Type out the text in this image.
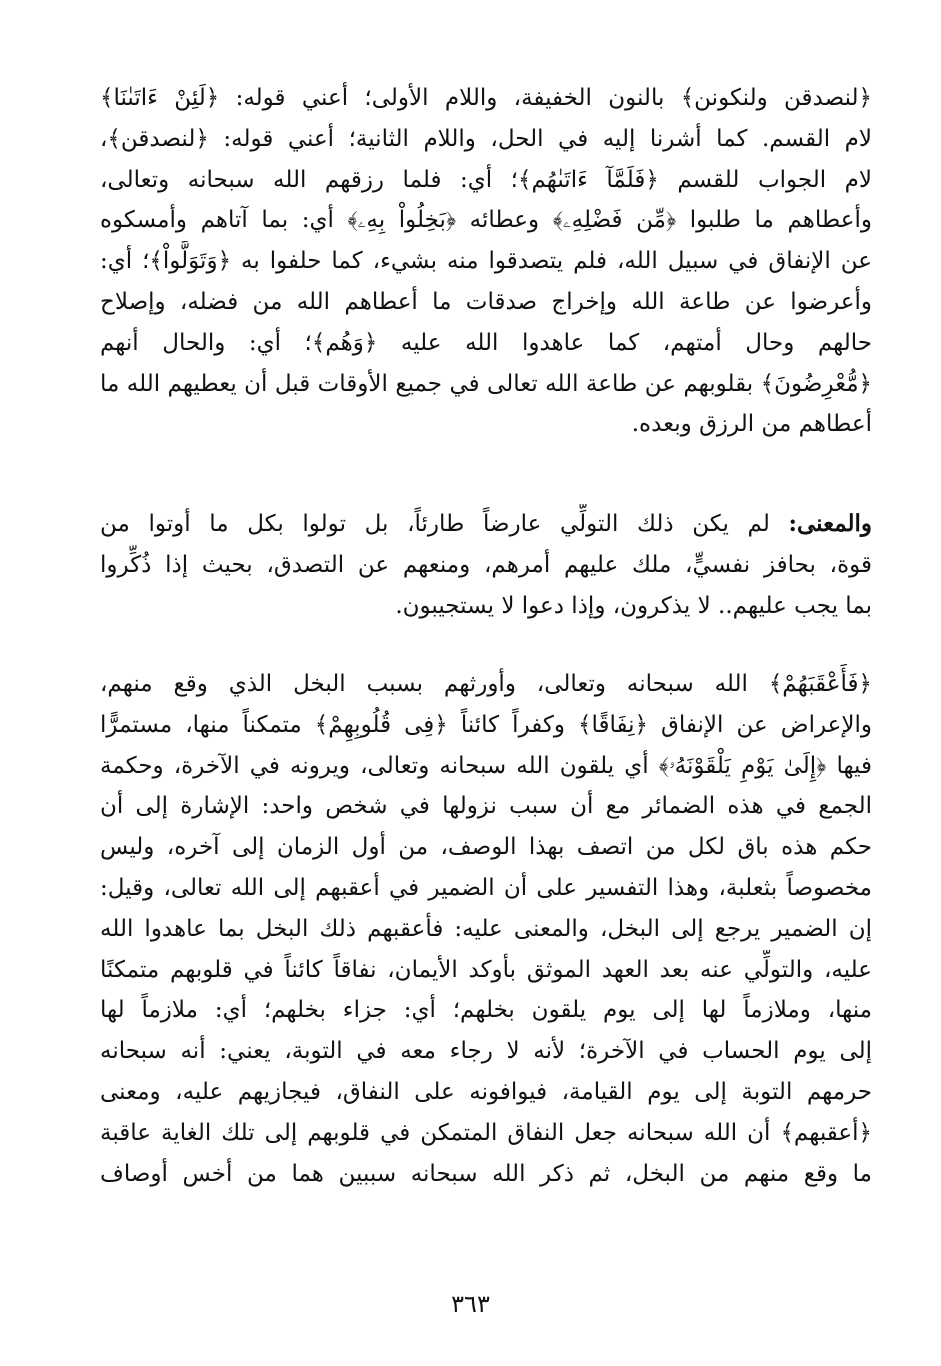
﴿لنصدقن ولنكونن﴾ بالنون الخفيفة، واللام الأولى؛ أعني قوله: ﴿لَئِنْ ءَاتَىٰنَا﴾
لام القسم. كما أشرنا إليه في الحل، واللام الثانية؛ أعني قوله: ﴿لنصدقن﴾،
لام الجواب للقسم ﴿فَلَمَّآ ءَاتَىٰهُم﴾؛ أي: فلما رزقهم الله سبحانه وتعالى،
وأعطاهم ما طلبوا ﴿مِّن فَضْلِهِۦ﴾ وعطائه ﴿بَخِلُواْ بِهِۦ﴾ أي: بما آتاهم وأمسكوه
عن الإنفاق في سبيل الله، فلم يتصدقوا منه بشيء، كما حلفوا به ﴿وَتَوَلَّواْ﴾؛ أي:
وأعرضوا عن طاعة الله وإخراج صدقات ما أعطاهم الله من فضله، وإصلاح
حالهم وحال أمتهم، كما عاهدوا الله عليه ﴿وَهُم﴾؛ أي: والحال أنهم
﴿مُّعْرِضُونَ﴾ بقلوبهم عن طاعة الله تعالى في جميع الأوقات قبل أن يعطيهم الله ما
أعطاهم من الرزق وبعده.
والمعنى: لم يكن ذلك التولِّي عارضاً طارئاً، بل تولوا بكل ما أوتوا من
قوة، بحافز نفسيٍّ، ملك عليهم أمرهم، ومنعهم عن التصدق، بحيث إذا ذُكِّروا
بما يجب عليهم.. لا يذكرون، وإذا دعوا لا يستجيبون.
﴿فَأَعْقَبَهُمْ﴾ الله سبحانه وتعالى، وأورثهم بسبب البخل الذي وقع منهم،
والإعراض عن الإنفاق ﴿نِفَاقًا﴾ وكفراً كائناً ﴿فِى قُلُوبِهِمْ﴾ متمكناً منها، مستمرًّا
فيها ﴿إِلَىٰ يَوْمِ يَلْقَوْنَهُۥ﴾ أي يلقون الله سبحانه وتعالى، ويرونه في الآخرة، وحكمة
الجمع في هذه الضمائر مع أن سبب نزولها في شخص واحد: الإشارة إلى أن
حكم هذه باق لكل من اتصف بهذا الوصف، من أول الزمان إلى آخره، وليس
مخصوصاً بثعلبة، وهذا التفسير على أن الضمير في أعقبهم إلى الله تعالى، وقيل:
إن الضمير يرجع إلى البخل، والمعنى عليه: فأعقبهم ذلك البخل بما عاهدوا الله
عليه، والتولِّي عنه بعد العهد الموثق بأوكد الأيمان، نفاقاً كائناً في قلوبهم متمكنًا
منها، وملازماً لها إلى يوم يلقون بخلهم؛ أي: جزاء بخلهم؛ أي: ملازماً لها
إلى يوم الحساب في الآخرة؛ لأنه لا رجاء معه في التوبة، يعني: أنه سبحانه
حرمهم التوبة إلى يوم القيامة، فيوافونه على النفاق، فيجازيهم عليه، ومعنى
﴿أعقبهم﴾ أن الله سبحانه جعل النفاق المتمكن في قلوبهم إلى تلك الغاية عاقبة
ما وقع منهم من البخل، ثم ذكر الله سبحانه سببين هما من أخس أوصاف
٣٦٣
